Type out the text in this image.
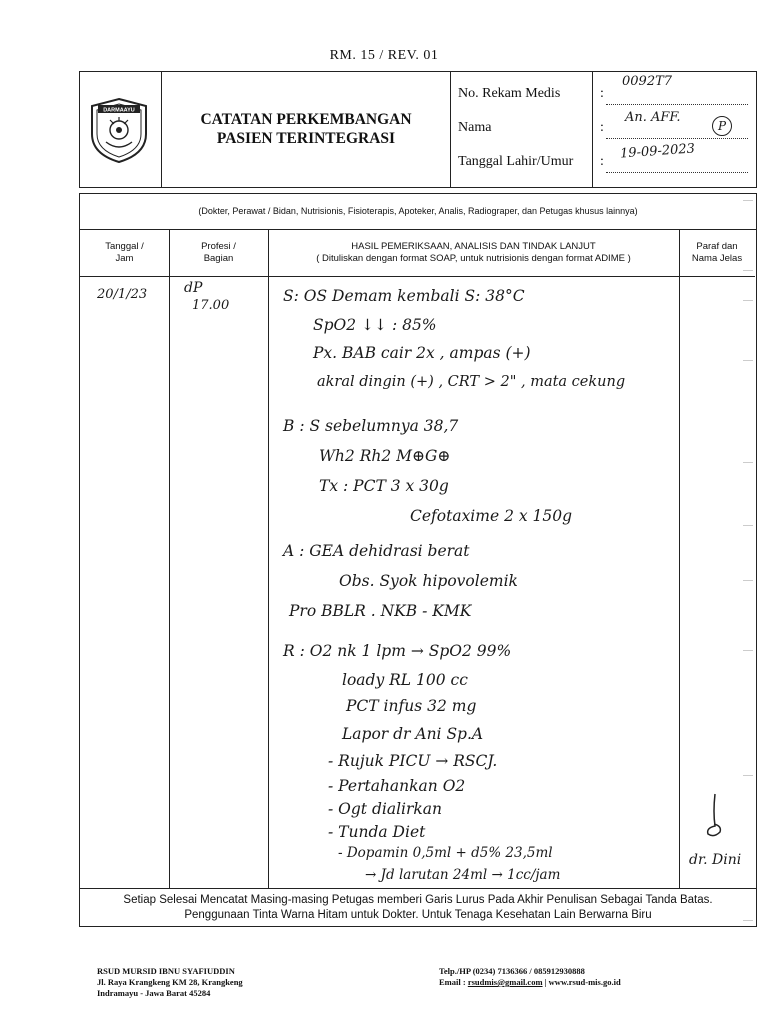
RM. 15 / REV. 01
DARMAAYU
CATATAN PERKEMBANGAN
PASIEN TERINTEGRASI
No. Rekam Medis
Nama
Tanggal Lahir/Umur
:
:
:
0092T7
An. AFF.
P
19-09-2023
(Dokter, Perawat / Bidan, Nutrisionis, Fisioterapis, Apoteker, Analis, Radiograper, dan Petugas khusus lainnya)
Tanggal /
Jam
Profesi /
Bagian
HASIL PEMERIKSAAN, ANALISIS DAN TINDAK LANJUT
( Dituliskan dengan format SOAP, untuk nutrisionis dengan format ADIME )
Paraf dan
Nama Jelas
20/1/23	dP
17.00
S: OS Demam kembali S: 38°C
SpO2 ↓↓ : 85%
Px. BAB cair 2x , ampas (+)
akral dingin (+) , CRT > 2" , mata cekung
B : S sebelumnya 38,7
Wh2 Rh2 M⊕G⊕
Tx : PCT 3 x 30g
Cefotaxime 2 x 150g
A : GEA dehidrasi berat
Obs. Syok hipovolemik
Pro BBLR . NKB - KMK
R : O2 nk 1 lpm → SpO2 99%
loady RL 100 cc
PCT infus 32 mg
Lapor dr Ani Sp.A
- Rujuk PICU → RSCJ.
- Pertahankan O2
- Ogt dialirkan
- Tunda Diet
- Dopamin 0,5ml + d5% 23,5ml
→ Jd larutan 24ml → 1cc/jam
dr. Dini
Setiap Selesai Mencatat Masing-masing Petugas memberi Garis Lurus Pada Akhir Penulisan Sebagai Tanda Batas.
Penggunaan Tinta Warna Hitam untuk Dokter. Untuk Tenaga Kesehatan Lain Berwarna Biru
RSUD MURSID IBNU SYAFIUDDIN
Jl. Raya Krangkeng KM 28, Krangkeng
Indramayu - Jawa Barat 45284
Telp./HP (0234) 7136366 / 085912930888
Email : rsudmis@gmail.com | www.rsud-mis.go.id
